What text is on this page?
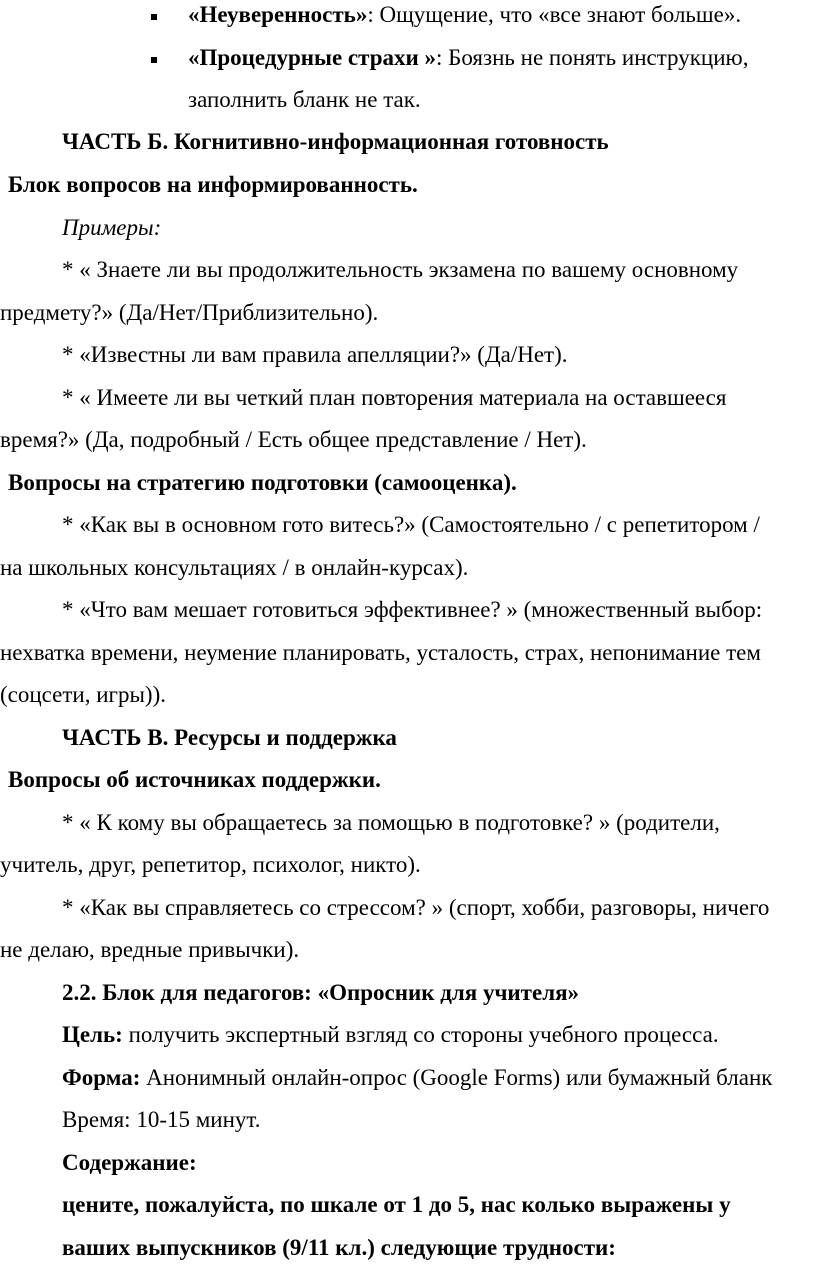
«Неуверенность»: Ощущение, что «все знают больше».
«Процедурные страхи »: Боязнь не понять инструкцию,
заполнить бланк не так.
ЧАСТЬ Б. Когнитивно-информационная готовность
Блок вопросов на информированность.
Примеры:
* « Знаете ли вы продолжительность экзамена по вашему основному
предмету?» (Да/Нет/Приблизительно).
* «Известны ли вам правила апелляции?» (Да/Нет).
* « Имеете ли вы четкий план повторения материала на оставшееся
время?» (Да, подробный / Есть общее представление / Нет).
Вопросы на стратегию подготовки (самооценка).
* «Как вы в основном гото витесь?» (Самостоятельно / с репетитором /
на школьных консультациях / в онлайн-курсах).
* «Что вам мешает готовиться эффективнее? » (множественный выбор:
нехватка времени, неумение планировать, усталость, страх, непонимание тем
(соцсети, игры)).
ЧАСТЬ В. Ресурсы и поддержка
Вопросы об источниках поддержки.
* « К кому вы обращаетесь за помощью в подготовке? » (родители,
учитель, друг, репетитор, психолог, никто).
* «Как вы справляетесь со стрессом? » (спорт, хобби, разговоры, ничего
не делаю, вредные привычки).
2.2. Блок для педагогов: «Опросник для учителя»
Цель: получить экспертный взгляд со стороны учебного процесса.
Форма: Анонимный онлайн-опрос (Google Forms) или бумажный бланк
Время: 10-15 минут.
Содержание:
цените, пожалуйста, по шкале от 1 до 5, нас колько выражены у
ваших выпускников (9/11 кл.) следующие трудности:
